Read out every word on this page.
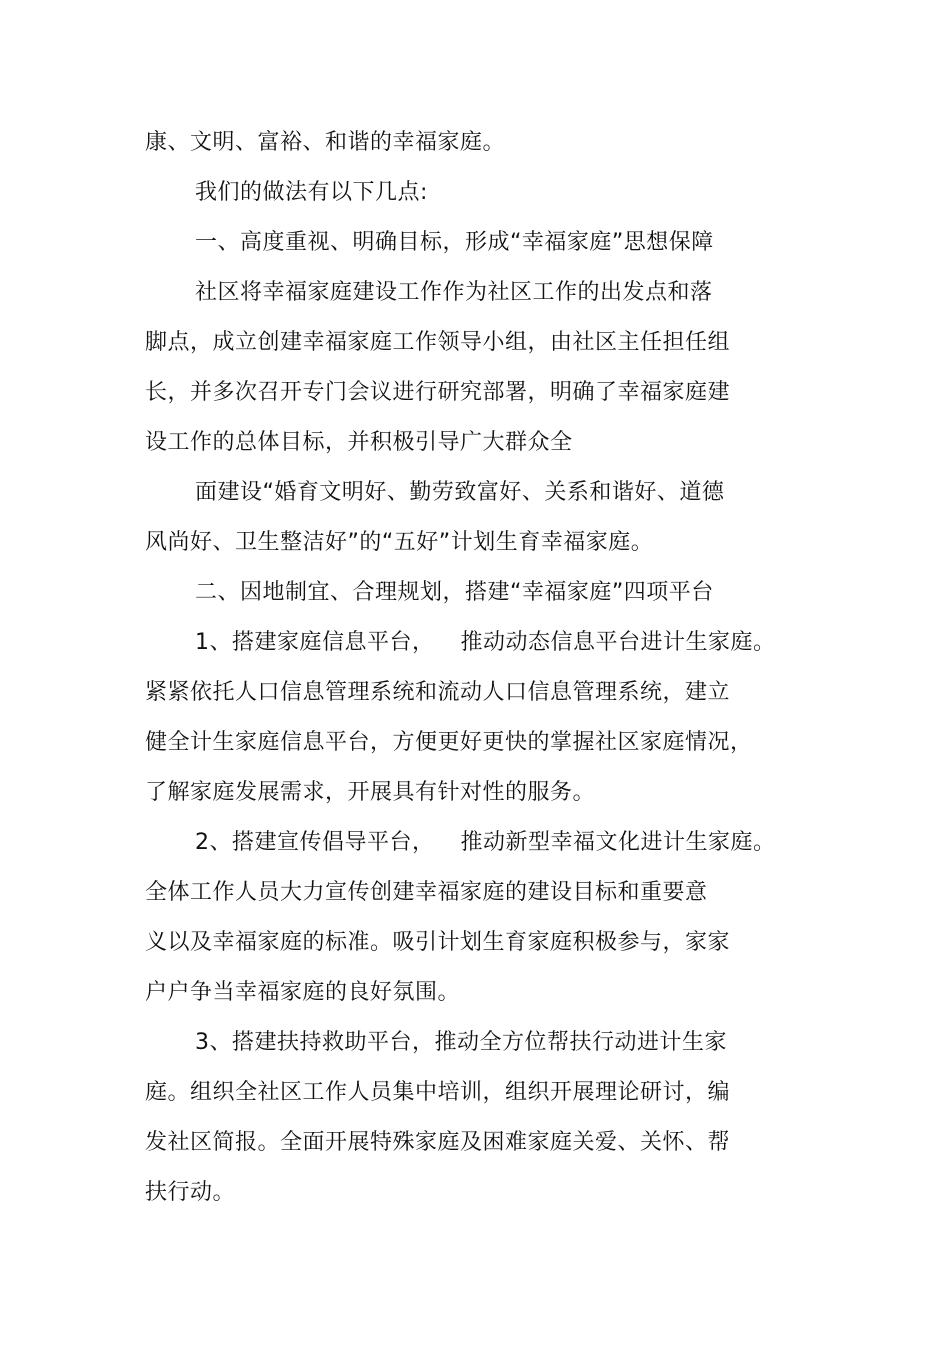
康、文明、富裕、和谐的幸福家庭。
我们的做法有以下几点:
一、高度重视、明确目标，形成“幸福家庭”思想保障
社区将幸福家庭建设工作作为社区工作的出发点和落
脚点，成立创建幸福家庭工作领导小组，由社区主任担任组
长，并多次召开专门会议进行研究部署，明确了幸福家庭建
设工作的总体目标，并积极引导广大群众全
面建设“婚育文明好、勤劳致富好、关系和谐好、道德
风尚好、卫生整洁好”的“五好”计划生育幸福家庭。
二、因地制宜、合理规划，搭建“幸福家庭”四项平台
1、搭建家庭信息平台， 推动动态信息平台进计生家庭。
紧紧依托人口信息管理系统和流动人口信息管理系统，建立
健全计生家庭信息平台，方便更好更快的掌握社区家庭情况，
了解家庭发展需求，开展具有针对性的服务。
2、搭建宣传倡导平台， 推动新型幸福文化进计生家庭。
全体工作人员大力宣传创建幸福家庭的建设目标和重要意
义以及幸福家庭的标准。吸引计划生育家庭积极参与，家家
户户争当幸福家庭的良好氛围。
3、搭建扶持救助平台，推动全方位帮扶行动进计生家
庭。组织全社区工作人员集中培训，组织开展理论研讨，编
发社区简报。全面开展特殊家庭及困难家庭关爱、关怀、帮
扶行动。
